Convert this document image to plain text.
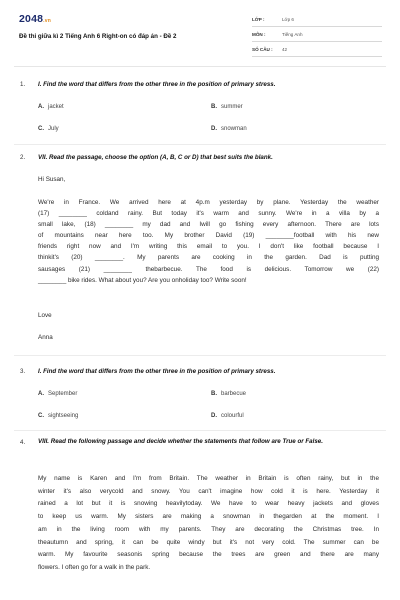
2048.vn
Đề thi giữa kì 2 Tiếng Anh 6 Right-on có đáp án - Đề 2
LỚP :	Lớp 6
MÔN :	Tiếng Anh
SỐ CÂU : 42
1. I. Find the word that differs from the other three in the position of primary stress.
A. jacket	B. summer
C. July	D. snowman
2. VII. Read the passage, choose the option (A, B, C or D) that best suits the blank.
Hi Susan,
We're in France. We arrived here at 4p.m yesterday by plane. Yesterday the weather
(17) ________ coldand rainy. But today it's warm and sunny. We're in a villa by a
small lake, (18) ________ my dad and Iwill go fishing every afternoon. There are lots
of mountains near here too. My brother David (19) ________football with his new
friends right now and I'm writing this email to you. I don't like football because I
thinkit's (20) ________. My parents are cooking in the garden. Dad is putting
sausages (21) ________ thebarbecue. The food is delicious. Tomorrow we (22)
________ bike rides. What about you? Are you onholiday too? Write soon!
Love
Anna
3. I. Find the word that differs from the other three in the position of primary stress.
A. September	B. barbecue
C. sightseeing	D. colourful
4. VIII. Read the following passage and decide whether the statements that follow are True or False.
My name is Karen and I'm from Britain. The weather in Britain is often rainy, but in the
winter it's also verycold and snowy. You can't imagine how cold it is here. Yesterday it
rained a lot but it is snowing heavilytoday. We have to wear heavy jackets and gloves
to keep us warm. My sisters are making a snowman in thegarden at the moment. I
am in the living room with my parents. They are decorating the Christmas tree. In
theautumn and spring, it can be quite windy but it's not very cold. The summer can be
warm. My favourite seasonis spring because the trees are green and there are many
flowers. I often go for a walk in the park.
